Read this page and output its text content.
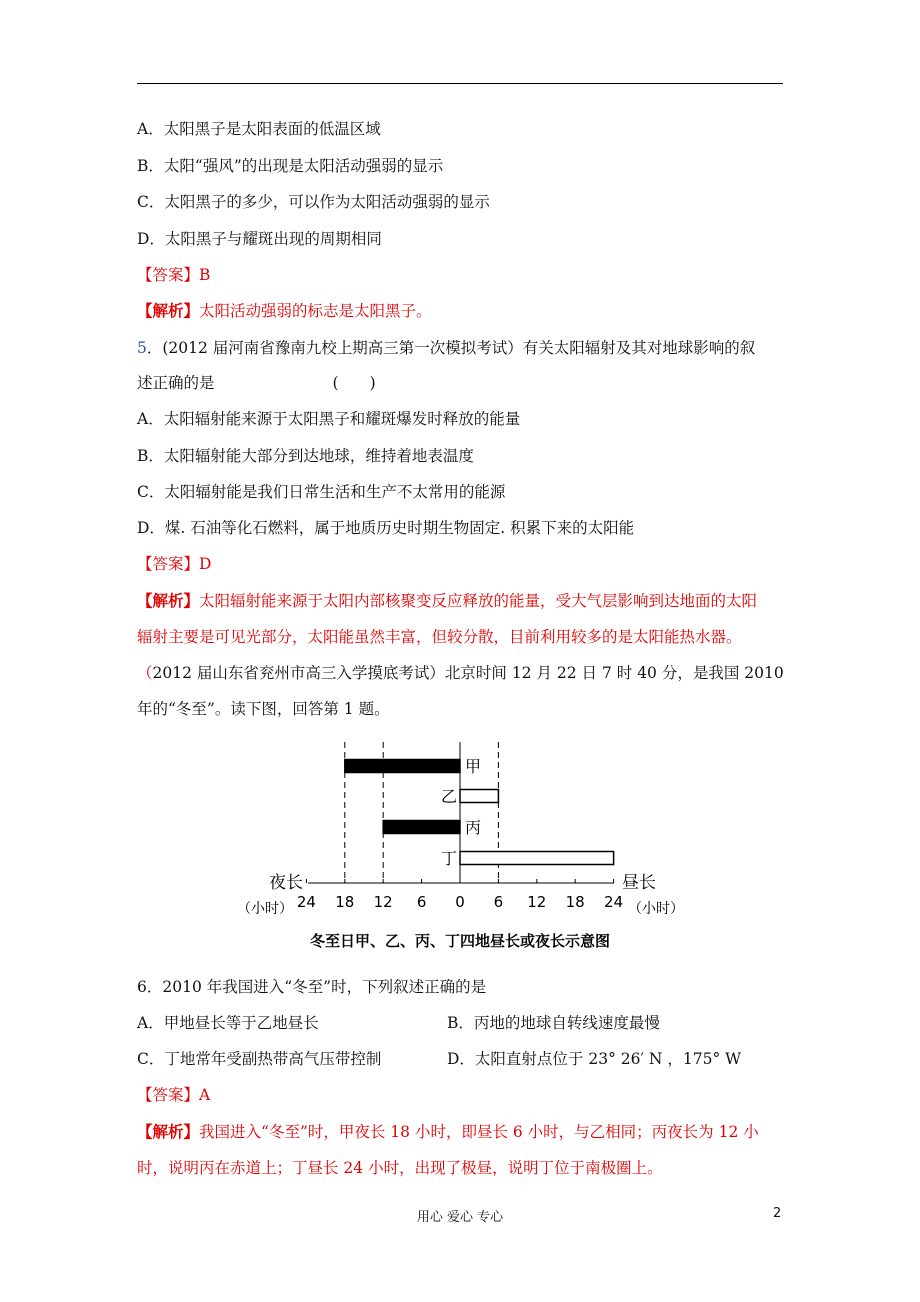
A．太阳黑子是太阳表面的低温区域
B．太阳“强风”的出现是太阳活动强弱的显示
C．太阳黑子的多少，可以作为太阳活动强弱的显示
D．太阳黑子与耀斑出现的周期相同
【答案】B
【解析】太阳活动强弱的标志是太阳黑子。
5．(2012 届河南省豫南九校上期高三第一次模拟考试）有关太阳辐射及其对地球影响的叙
述正确的是	(　　)
A．太阳辐射能来源于太阳黑子和耀斑爆发时释放的能量
B．太阳辐射能大部分到达地球，维持着地表温度
C．太阳辐射能是我们日常生活和生产不太常用的能源
D．煤. 石油等化石燃料，属于地质历史时期生物固定. 积累下来的太阳能
【答案】D
【解析】太阳辐射能来源于太阳内部核聚变反应释放的能量，受大气层影响到达地面的太阳
辐射主要是可见光部分，太阳能虽然丰富，但较分散，目前利用较多的是太阳能热水器。
（2012 届山东省兖州市高三入学摸底考试）北京时间 12 月 22 日 7 时 40 分，是我国 2010
年的“冬至”。读下图，回答第 1 题。
甲
乙
丙
丁
24 18 12 6 0 6 12 18 24
夜长
（小时）
昼长
（小时）
冬至日甲、乙、丙、丁四地昼长或夜长示意图
6．2010 年我国进入“冬至”时，下列叙述正确的是
A．甲地昼长等于乙地昼长	B．丙地的地球自转线速度最慢
C．丁地常年受副热带高气压带控制	D．太阳直射点位于 23° 26′ N ，175° W
【答案】A
【解析】我国进入“冬至”时，甲夜长 18 小时，即昼长 6 小时，与乙相同；丙夜长为 12 小
时，说明丙在赤道上；丁昼长 24 小时，出现了极昼，说明丁位于南极圈上。
用心 爱心 专心	2
